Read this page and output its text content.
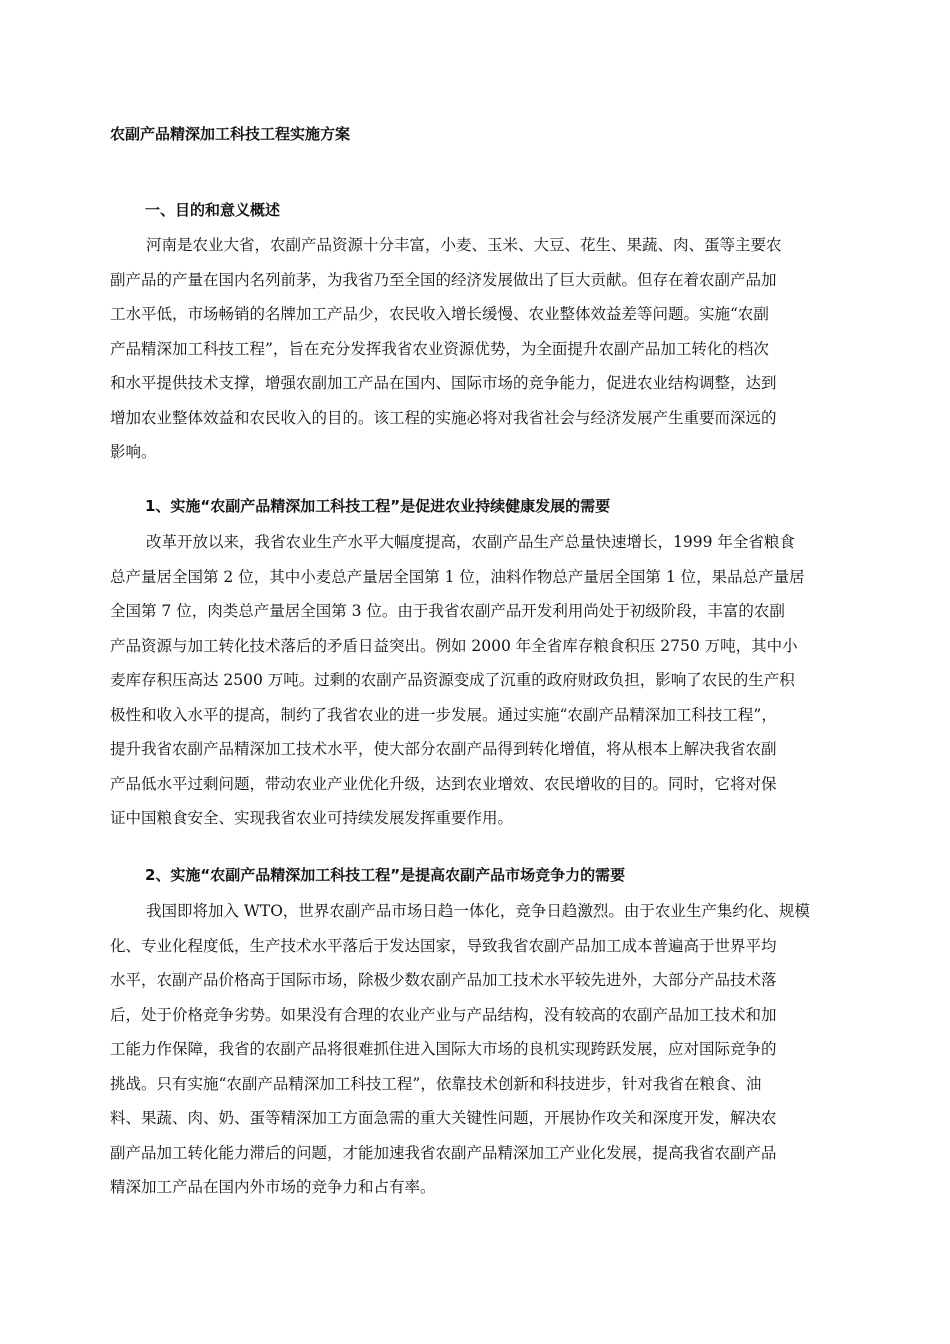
农副产品精深加工科技工程实施方案
一、目的和意义概述
河南是农业大省，农副产品资源十分丰富，小麦、玉米、大豆、花生、果蔬、肉、蛋等主要农
副产品的产量在国内名列前茅，为我省乃至全国的经济发展做出了巨大贡献。但存在着农副产品加
工水平低，市场畅销的名牌加工产品少，农民收入增长缓慢、农业整体效益差等问题。实施“农副
产品精深加工科技工程”，旨在充分发挥我省农业资源优势，为全面提升农副产品加工转化的档次
和水平提供技术支撑，增强农副加工产品在国内、国际市场的竞争能力，促进农业结构调整，达到
增加农业整体效益和农民收入的目的。该工程的实施必将对我省社会与经济发展产生重要而深远的
影响。
1、实施“农副产品精深加工科技工程”是促进农业持续健康发展的需要
改革开放以来，我省农业生产水平大幅度提高，农副产品生产总量快速增长，1999 年全省粮食
总产量居全国第 2 位，其中小麦总产量居全国第 1 位，油料作物总产量居全国第 1 位，果品总产量居
全国第 7 位，肉类总产量居全国第 3 位。由于我省农副产品开发利用尚处于初级阶段，丰富的农副
产品资源与加工转化技术落后的矛盾日益突出。例如 2000 年全省库存粮食积压 2750 万吨，其中小
麦库存积压高达 2500 万吨。过剩的农副产品资源变成了沉重的政府财政负担，影响了农民的生产积
极性和收入水平的提高，制约了我省农业的进一步发展。通过实施“农副产品精深加工科技工程”，
提升我省农副产品精深加工技术水平，使大部分农副产品得到转化增值，将从根本上解决我省农副
产品低水平过剩问题，带动农业产业优化升级，达到农业增效、农民增收的目的。同时，它将对保
证中国粮食安全、实现我省农业可持续发展发挥重要作用。
2、实施“农副产品精深加工科技工程”是提高农副产品市场竞争力的需要
我国即将加入 WTO，世界农副产品市场日趋一体化，竞争日趋激烈。由于农业生产集约化、规模
化、专业化程度低，生产技术水平落后于发达国家，导致我省农副产品加工成本普遍高于世界平均
水平，农副产品价格高于国际市场，除极少数农副产品加工技术水平较先进外，大部分产品技术落
后，处于价格竞争劣势。如果没有合理的农业产业与产品结构，没有较高的农副产品加工技术和加
工能力作保障，我省的农副产品将很难抓住进入国际大市场的良机实现跨跃发展，应对国际竞争的
挑战。只有实施“农副产品精深加工科技工程”，依靠技术创新和科技进步，针对我省在粮食、油
料、果蔬、肉、奶、蛋等精深加工方面急需的重大关键性问题，开展协作攻关和深度开发，解决农
副产品加工转化能力滞后的问题，才能加速我省农副产品精深加工产业化发展，提高我省农副产品
精深加工产品在国内外市场的竞争力和占有率。
